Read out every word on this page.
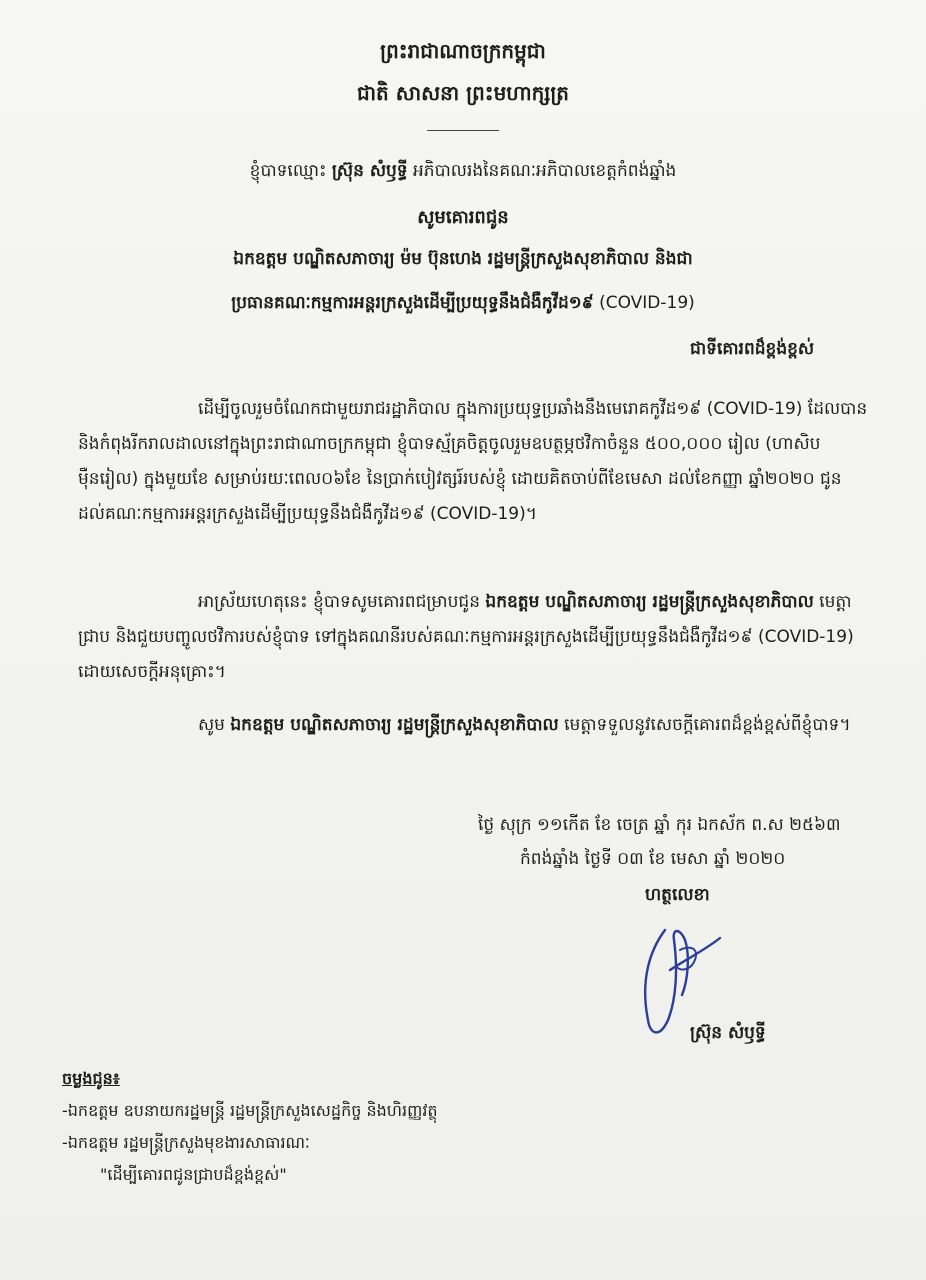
ព្រះរាជាណាចក្រកម្ពុជា
ជាតិ សាសនា ព្រះមហាក្សត្រ
ខ្ញុំបាទឈ្មោះ ស្រ៊ុន សំឫទ្ធី អភិបាលរងនៃគណៈអភិបាលខេត្តកំពង់ឆ្នាំង
សូមគោរពជូន
ឯកឧត្តម បណ្ឌិតសភាចារ្យ ម៉ម ប៊ុនហេង រដ្ឋមន្ត្រីក្រសួងសុខាភិបាល និងជា
ប្រធានគណៈកម្មការអន្តរក្រសួងដើម្បីប្រយុទ្ធនឹងជំងឺកូវីដ១៩ (COVID-19)
ជាទីគោរពដ៏ខ្ពង់ខ្ពស់
ដើម្បីចូលរួមចំណែកជាមួយរាជរដ្ឋាភិបាល ក្នុងការប្រយុទ្ធប្រឆាំងនឹងមេរោគកូវីដ១៩ (COVID-19) ដែលបាននិងកំពុងរីករាលដាលនៅក្នុងព្រះរាជាណាចក្រកម្ពុជា ខ្ញុំបាទស្ម័គ្រចិត្តចូលរួមឧបត្ថម្ភថវិកាចំនួន ៥០០,០០០ រៀល (ហាសិបម៉ឺនរៀល) ក្នុងមួយខែ សម្រាប់រយៈពេល០៦ខែ នៃប្រាក់បៀវត្សរ៍របស់ខ្ញុំ ដោយគិតចាប់ពីខែមេសា ដល់ខែកញ្ញា ឆ្នាំ២០២០ ជូនដល់គណៈកម្មការអន្តរក្រសួងដើម្បីប្រយុទ្ធនឹងជំងឺកូវីដ១៩ (COVID-19)។
អាស្រ័យហេតុនេះ ខ្ញុំបាទសូមគោរពជម្រាបជូន ឯកឧត្តម បណ្ឌិតសភាចារ្យ រដ្ឋមន្ត្រីក្រសួងសុខាភិបាល មេត្តាជ្រាប និងជួយបញ្ចូលថវិការបស់ខ្ញុំបាទ ទៅក្នុងគណនីរបស់គណៈកម្មការអន្តរក្រសួងដើម្បីប្រយុទ្ធនឹងជំងឺកូវីដ១៩ (COVID-19) ដោយសេចក្តីអនុគ្រោះ។
សូម ឯកឧត្តម បណ្ឌិតសភាចារ្យ រដ្ឋមន្ត្រីក្រសួងសុខាភិបាល មេត្តាទទួលនូវសេចក្តីគោរពដ៏ខ្ពង់ខ្ពស់ពីខ្ញុំបាទ។
ថ្ងៃ សុក្រ ១១កើត ខែ ចេត្រ ឆ្នាំ កុរ ឯកស័ក ព.ស ២៥៦៣
កំពង់ឆ្នាំង ថ្ងៃទី ០៣ ខែ មេសា ឆ្នាំ ២០២០
ហត្ថលេខា
ស្រ៊ុន សំឫទ្ធី
ចម្លងជូន៖
-ឯកឧត្តម ឧបនាយករដ្ឋមន្ត្រី រដ្ឋមន្ត្រីក្រសួងសេដ្ឋកិច្ច និងហិរញ្ញវត្ថុ
-ឯកឧត្តម រដ្ឋមន្ត្រីក្រសួងមុខងារសាធារណៈ
"ដើម្បីគោរពជូនជ្រាបដ៏ខ្ពង់ខ្ពស់"
